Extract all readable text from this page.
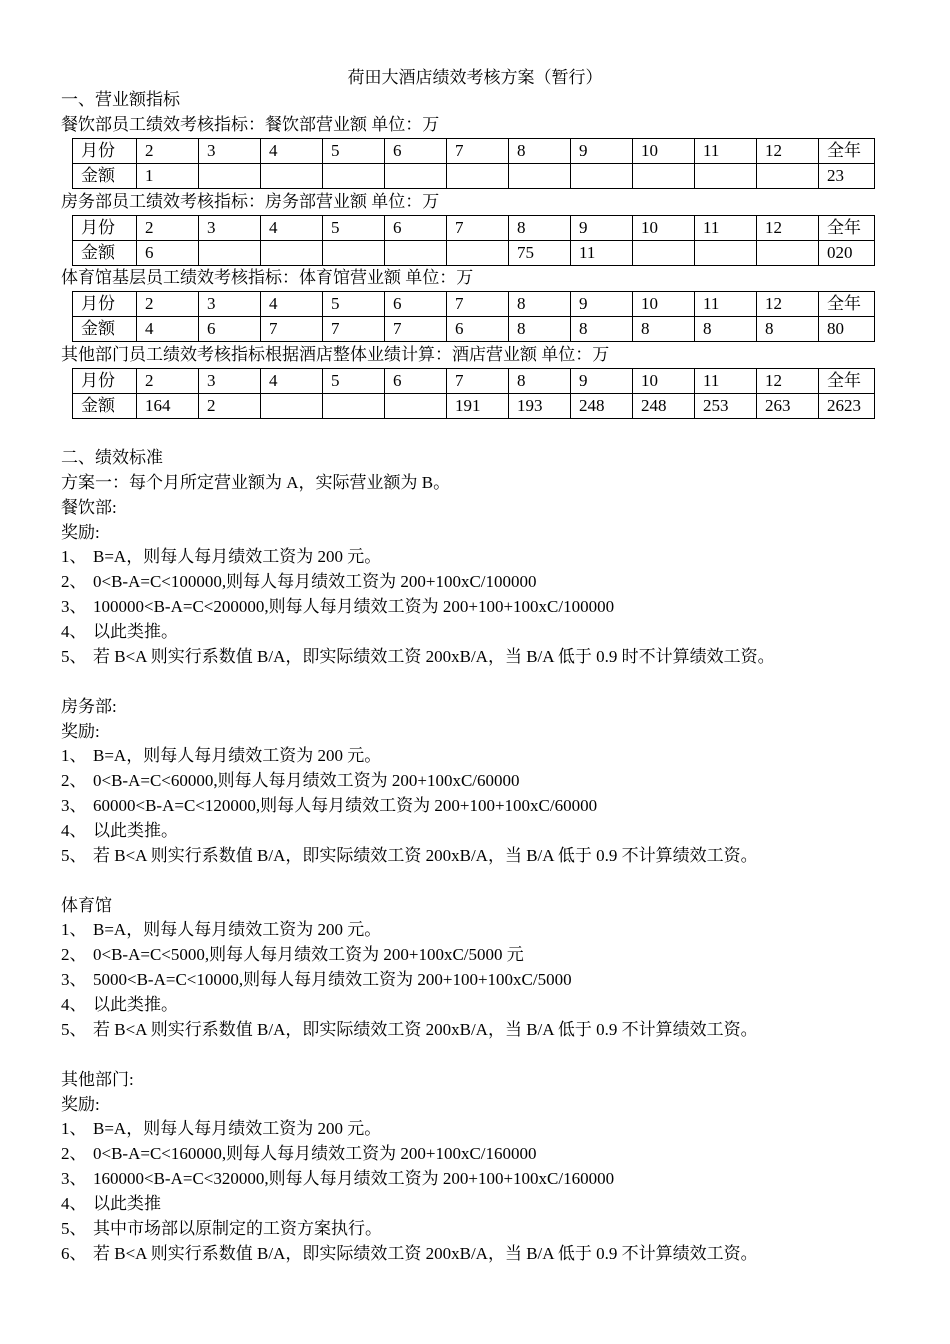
荷田大酒店绩效考核方案（暂行）
一、营业额指标
餐饮部员工绩效考核指标：餐饮部营业额 单位：万
月份	2	3	4	5	6	7	8	9	10	11	12	全年
金额	1											23
房务部员工绩效考核指标：房务部营业额 单位：万
月份	2	3	4	5	6	7	8	9	10	11	12	全年
金额	6						75	11				020
体育馆基层员工绩效考核指标：体育馆营业额 单位：万
月份	2	3	4	5	6	7	8	9	10	11	12	全年
金额	4	6	7	7	7	6	8	8	8	8	8	80
其他部门员工绩效考核指标根据酒店整体业绩计算：酒店营业额 单位：万
月份	2	3	4	5	6	7	8	9	10	11	12	全年
金额	164	2				191	193	248	248	253	263	2623
二、绩效标准
方案一：每个月所定营业额为 A，实际营业额为 B。
餐饮部:
奖励:
1、 B=A，则每人每月绩效工资为 200 元。
2、 0<B-A=C<100000,则每人每月绩效工资为 200+100xC/100000
3、 100000<B-A=C<200000,则每人每月绩效工资为 200+100+100xC/100000
4、 以此类推。
5、 若 B<A 则实行系数值 B/A，即实际绩效工资 200xB/A，当 B/A 低于 0.9 时不计算绩效工资。
房务部:
奖励:
1、 B=A，则每人每月绩效工资为 200 元。
2、 0<B-A=C<60000,则每人每月绩效工资为 200+100xC/60000
3、 60000<B-A=C<120000,则每人每月绩效工资为 200+100+100xC/60000
4、 以此类推。
5、 若 B<A 则实行系数值 B/A，即实际绩效工资 200xB/A，当 B/A 低于 0.9 不计算绩效工资。
体育馆
1、 B=A，则每人每月绩效工资为 200 元。
2、 0<B-A=C<5000,则每人每月绩效工资为 200+100xC/5000 元
3、 5000<B-A=C<10000,则每人每月绩效工资为 200+100+100xC/5000
4、 以此类推。
5、 若 B<A 则实行系数值 B/A，即实际绩效工资 200xB/A，当 B/A 低于 0.9 不计算绩效工资。
其他部门:
奖励:
1、 B=A，则每人每月绩效工资为 200 元。
2、 0<B-A=C<160000,则每人每月绩效工资为 200+100xC/160000
3、 160000<B-A=C<320000,则每人每月绩效工资为 200+100+100xC/160000
4、 以此类推
5、 其中市场部以原制定的工资方案执行。
6、 若 B<A 则实行系数值 B/A，即实际绩效工资 200xB/A，当 B/A 低于 0.9 不计算绩效工资。
